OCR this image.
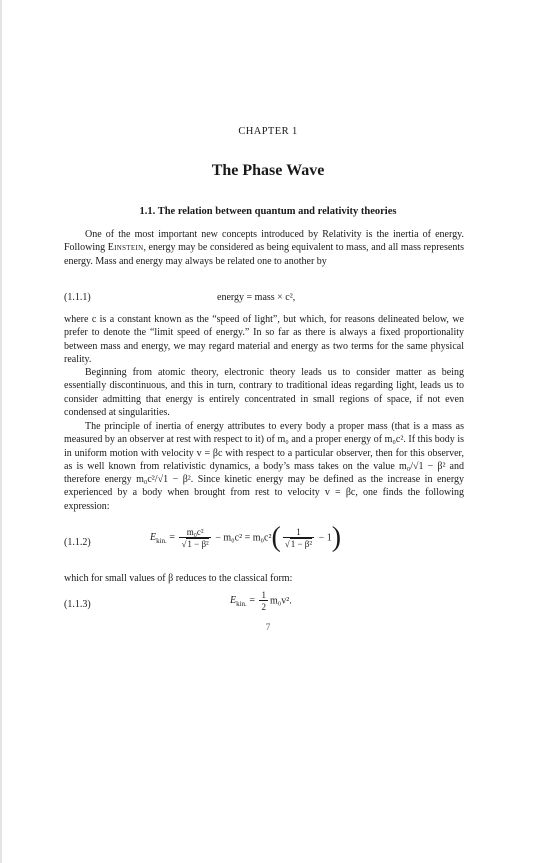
CHAPTER 1
The Phase Wave
1.1. The relation between quantum and relativity theories

One of the most important new concepts introduced by Relativity is the inertia of energy. Following Einstein, energy may be considered as being equivalent to mass, and all mass represents energy. Mass and energy may always be related one to another by

(1.1.1)	energy = mass × c²,

where c is a constant known as the “speed of light”, but which, for reasons delineated below, we prefer to denote the “limit speed of energy.” In so far as there is always a fixed proportionality between mass and energy, we may regard material and energy as two terms for the same physical reality.

Beginning from atomic theory, electronic theory leads us to consider matter as being essentially discontinuous, and this in turn, contrary to traditional ideas regarding light, leads us to consider admitting that energy is entirely concentrated in small regions of space, if not even condensed at singularities.

The principle of inertia of energy attributes to every body a proper mass (that is a mass as measured by an observer at rest with respect to it) of m₀ and a proper energy of m₀c². If this body is in uniform motion with velocity v = βc with respect to a particular observer, then for this observer, as is well known from relativistic dynamics, a body’s mass takes on the value m₀/√1 − β² and therefore energy m₀c²/√1 − β². Since kinetic energy may be defined as the increase in energy experienced by a body when brought from rest to velocity v = βc, one finds the following expression:

(1.1.2)	$E_{kin.} = \frac{\text{m₀c²}}{\text{√1 − β²}} - m_0c^2 = m_0c^2( \frac{1}{\text{√1 − β²}} - 1)$

which for small values of β reduces to the classical form:

(1.1.3)	$E_{kin.} = \frac{1}{2} m_0v^2$.
7
